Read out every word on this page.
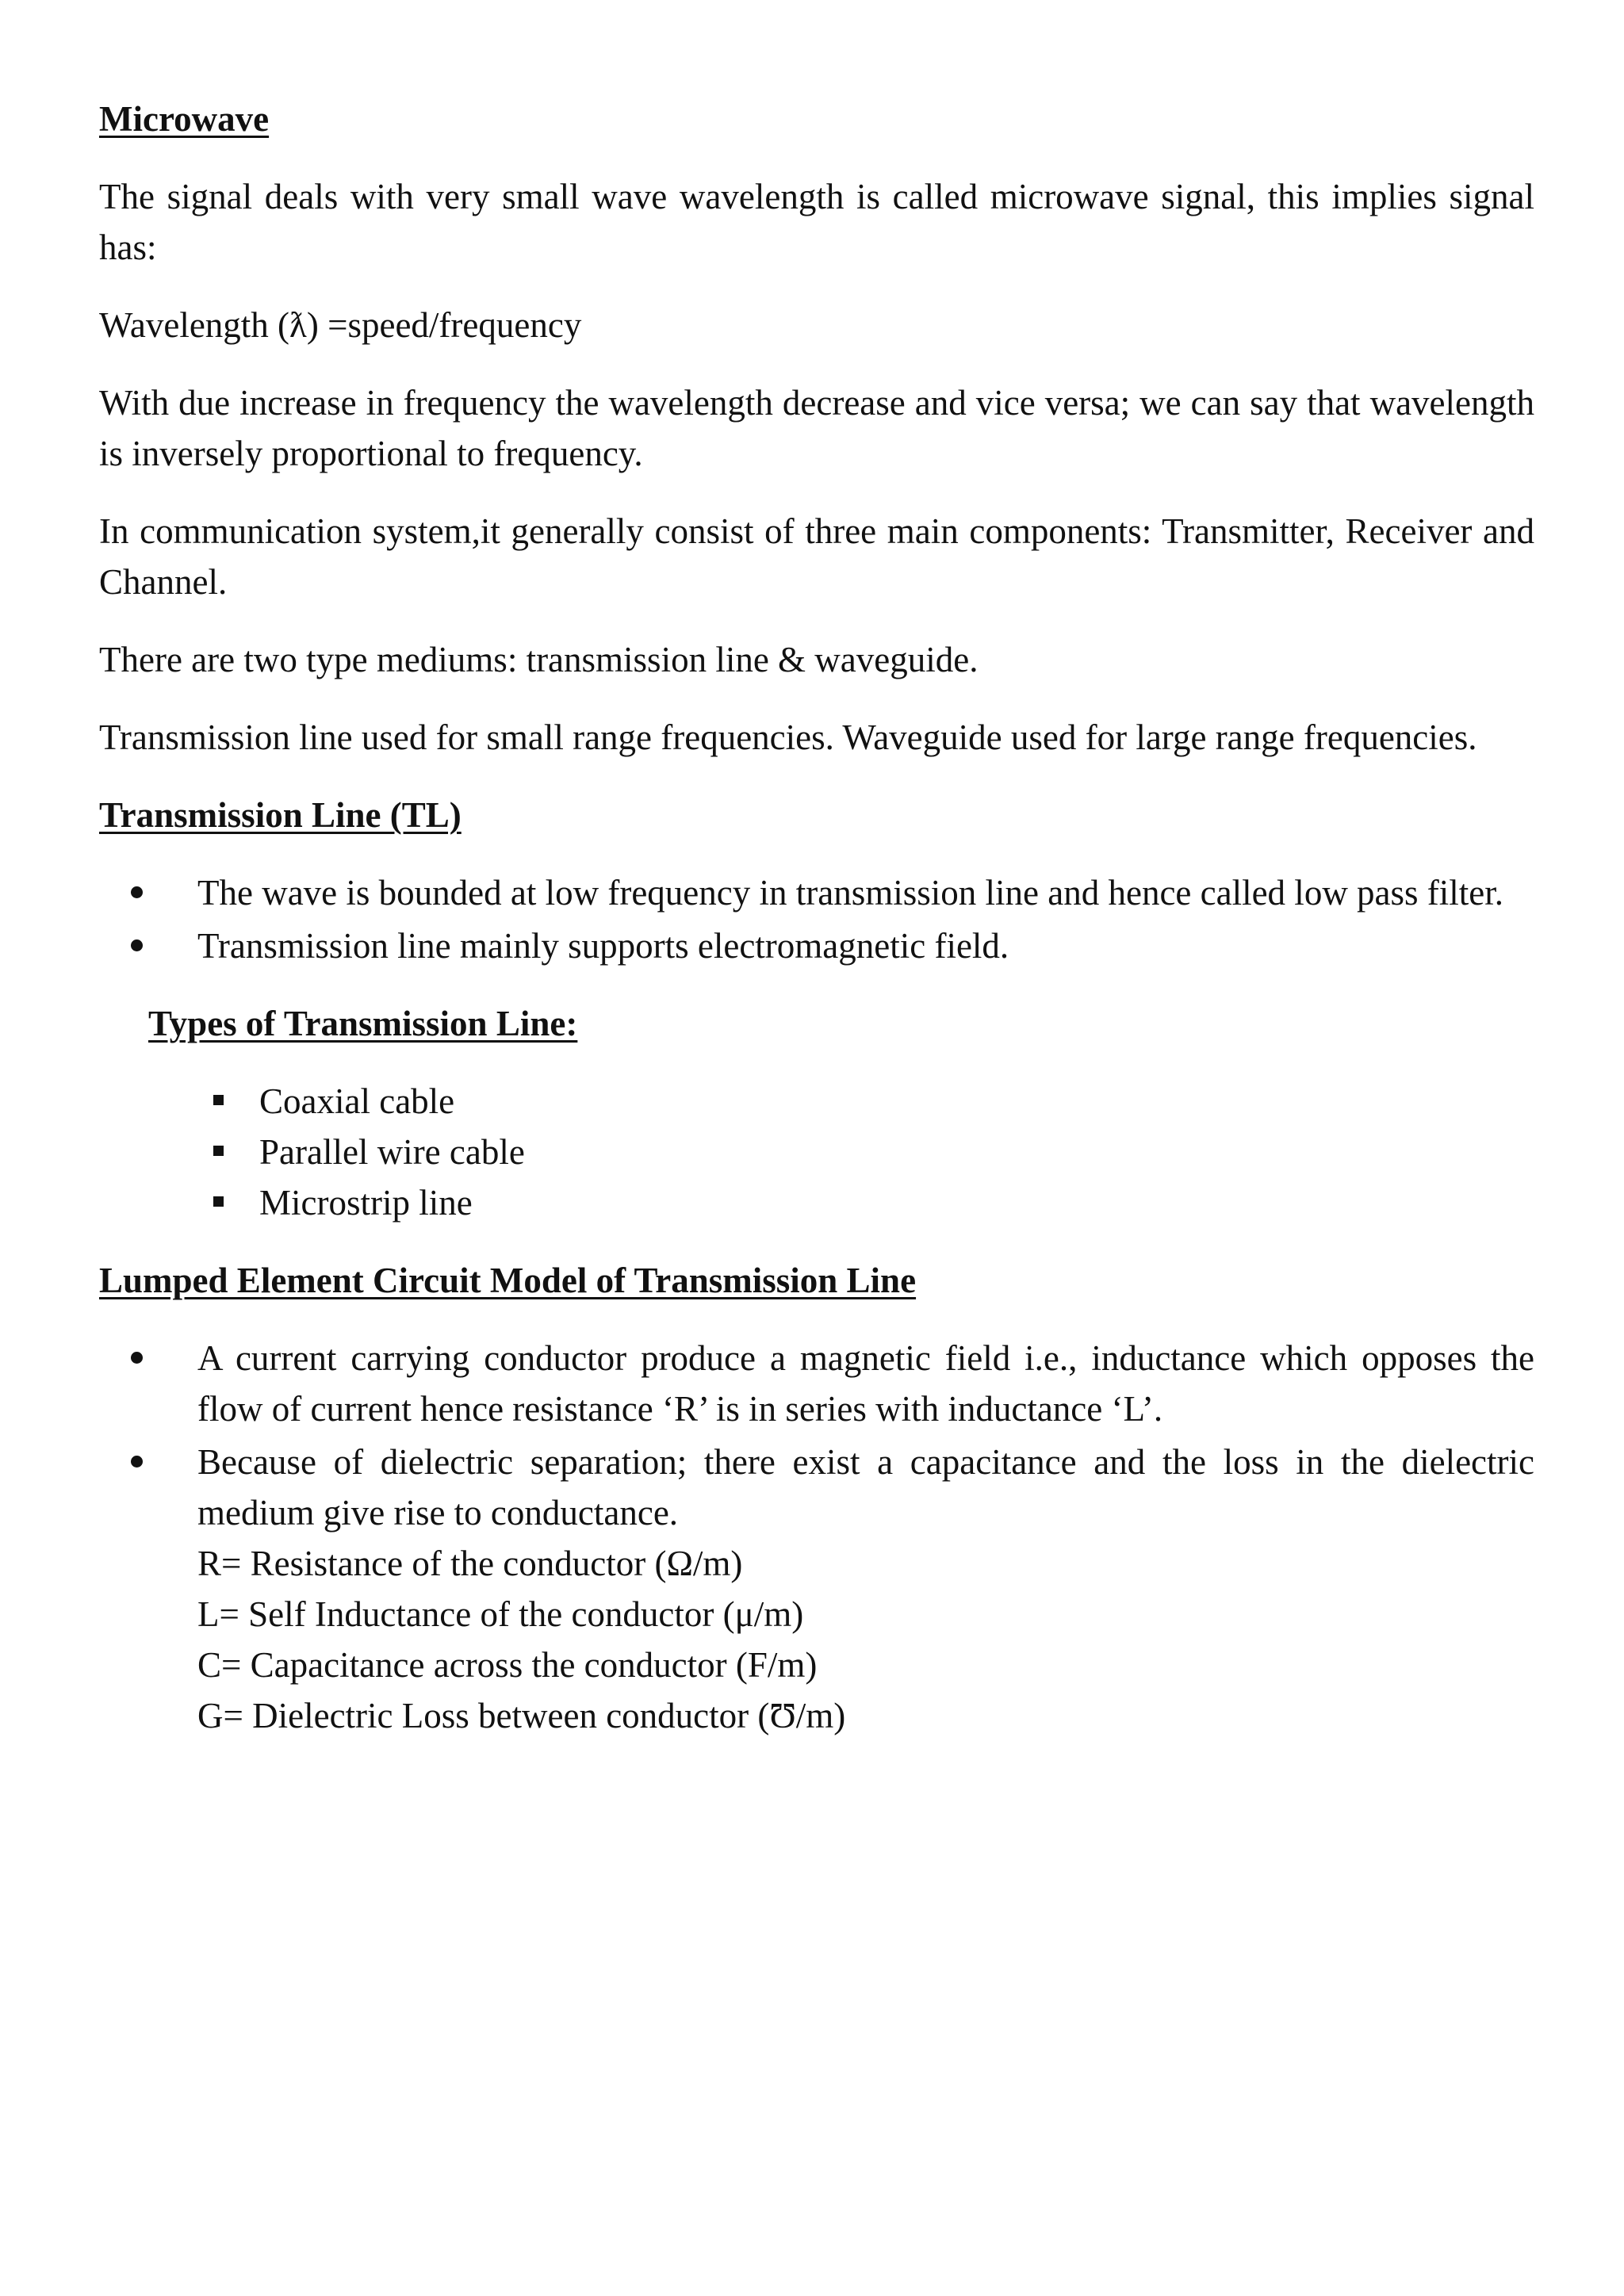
Microwave
The signal deals with very small wave wavelength is called microwave signal, this implies signal has:
Wavelength (ƛ) =speed/frequency
With due increase in frequency the wavelength decrease and vice versa; we can say that wavelength is inversely proportional to frequency.
In communication system,it generally consist of three main components: Transmitter, Receiver and Channel.
There are two type mediums: transmission line & waveguide.
Transmission line used for small range frequencies. Waveguide used for large range frequencies.
Transmission Line (TL)
The wave is bounded at low frequency in transmission line and hence called low pass filter.
Transmission line mainly supports electromagnetic field.
Types of Transmission Line:
Coaxial cable
Parallel wire cable
Microstrip line
Lumped Element Circuit Model of Transmission Line
A current carrying conductor produce a magnetic field i.e., inductance which opposes the flow of current hence resistance ‘R’ is in series with inductance ‘L’.
Because of dielectric separation; there exist a capacitance and the loss in the dielectric medium give rise to conductance.
R= Resistance of the conductor (Ω/m)
L= Self Inductance of the conductor (μ/m)
C= Capacitance across the conductor (F/m)
G= Dielectric Loss between conductor (Ʊ/m)
